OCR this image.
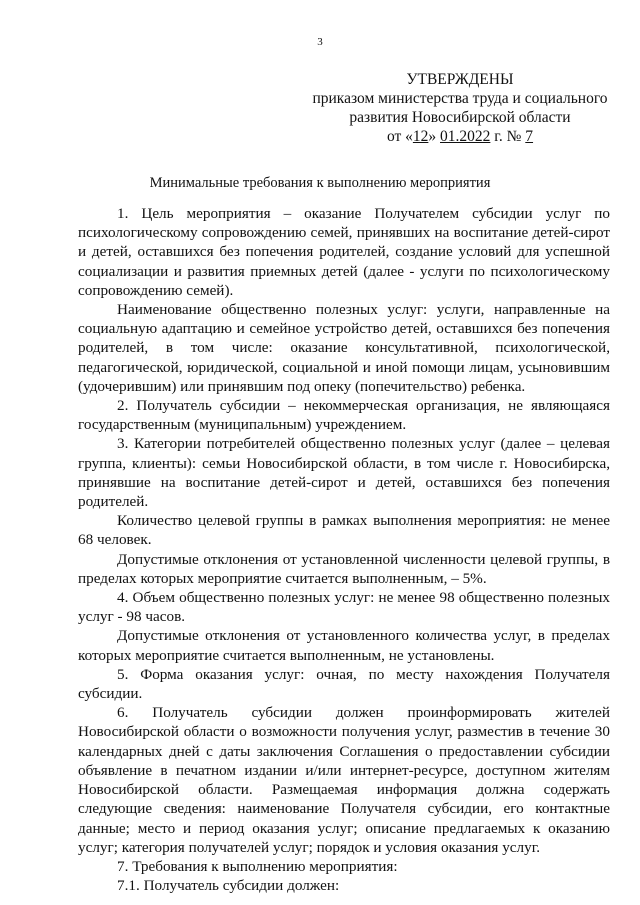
3
УТВЕРЖДЕНЫ
приказом министерства труда и социального
развития Новосибирской области
от «12» 01.2022 г. № 7
Минимальные требования к выполнению мероприятия

1. Цель мероприятия – оказание Получателем субсидии услуг по психологическому сопровождению семей, принявших на воспитание детей-сирот и детей, оставшихся без попечения родителей, создание условий для успешной социализации и развития приемных детей (далее - услуги по психологическому сопровождению семей).

Наименование общественно полезных услуг: услуги, направленные на социальную адаптацию и семейное устройство детей, оставшихся без попечения родителей, в том числе: оказание консультативной, психологической, педагогической, юридической, социальной и иной помощи лицам, усыновившим (удочерившим) или принявшим под опеку (попечительство) ребенка.

2. Получатель субсидии – некоммерческая организация, не являющаяся государственным (муниципальным) учреждением.

3. Категории потребителей общественно полезных услуг (далее – целевая группа, клиенты): семьи Новосибирской области, в том числе г. Новосибирска, принявшие на воспитание детей-сирот и детей, оставшихся без попечения родителей.

Количество целевой группы в рамках выполнения мероприятия: не менее 68 человек.

Допустимые отклонения от установленной численности целевой группы, в пределах которых мероприятие считается выполненным, – 5%.

4. Объем общественно полезных услуг: не менее 98 общественно полезных услуг - 98 часов.

Допустимые отклонения от установленного количества услуг, в пределах которых мероприятие считается выполненным, не установлены.

5. Форма оказания услуг: очная, по месту нахождения Получателя субсидии.

6. Получатель субсидии должен проинформировать жителей Новосибирской области о возможности получения услуг, разместив в течение 30 календарных дней с даты заключения Соглашения о предоставлении субсидии объявление в печатном издании и/или интернет-ресурсе, доступном жителям Новосибирской области. Размещаемая информация должна содержать следующие сведения: наименование Получателя субсидии, его контактные данные; место и период оказания услуг; описание предлагаемых к оказанию услуг; категория получателей услуг; порядок и условия оказания услуг.

7. Требования к выполнению мероприятия:

7.1. Получатель субсидии должен:
